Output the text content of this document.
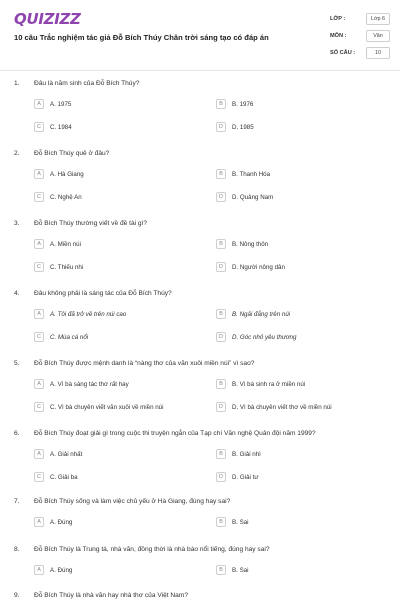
QUIZIZZ
10 câu Trắc nghiệm tác giả Đỗ Bích Thúy Chân trời sáng tạo có đáp án
LỚP :	Lớp 6
MÔN :	Văn
SỐ CÂU :	10
1. Đâu là năm sinh của Đỗ Bích Thúy?
A	A. 1975	B	B. 1976
C	C. 1984	D	D. 1985
2. Đỗ Bích Thúy quê ở đâu?
A	A. Hà Giang	B	B. Thanh Hóa
C	C. Nghệ An	D	D. Quảng Nam
3. Đỗ Bích Thúy thường viết về đề tài gì?
A	A. Miền núi	B	B. Nông thôn
C	C. Thiếu nhi	D	D. Người nông dân
4. Đâu không phải là sáng tác của Đỗ Bích Thúy?
A	A. Tôi đã trở về trên núi cao	B	B. Ngải đắng trên núi
C	C. Mùa cá nổi	D	D. Góc nhỏ yêu thương
5. Đỗ Bích Thúy được mệnh danh là “nàng thơ của văn xuôi miền núi” vì sao?
A	A. Vì bà sáng tác thơ rất hay	B	B. Vì bà sinh ra ở miền núi
C	C. Vì bà chuyên viết văn xuôi về miền núi	D	D. Vì bà chuyên viết thơ về miền núi
6. Đỗ Bích Thúy đoạt giải gì trong cuộc thi truyện ngắn của Tạp chí Văn nghệ Quân đội năm 1999?
A	A. Giải nhất	B	B. Giải nhì
C	C. Giải ba	D	D. Giải tư
7. Đỗ Bích Thúy sống và làm việc chủ yếu ở Hà Giang, đúng hay sai?
A	A. Đúng	B	B. Sai
8. Đỗ Bích Thúy là Trung tá, nhà văn, đồng thời là nhà báo nổi tiếng, đúng hay sai?
A	A. Đúng	B	B. Sai
9. Đỗ Bích Thúy là nhà văn hay nhà thơ của Việt Nam?
